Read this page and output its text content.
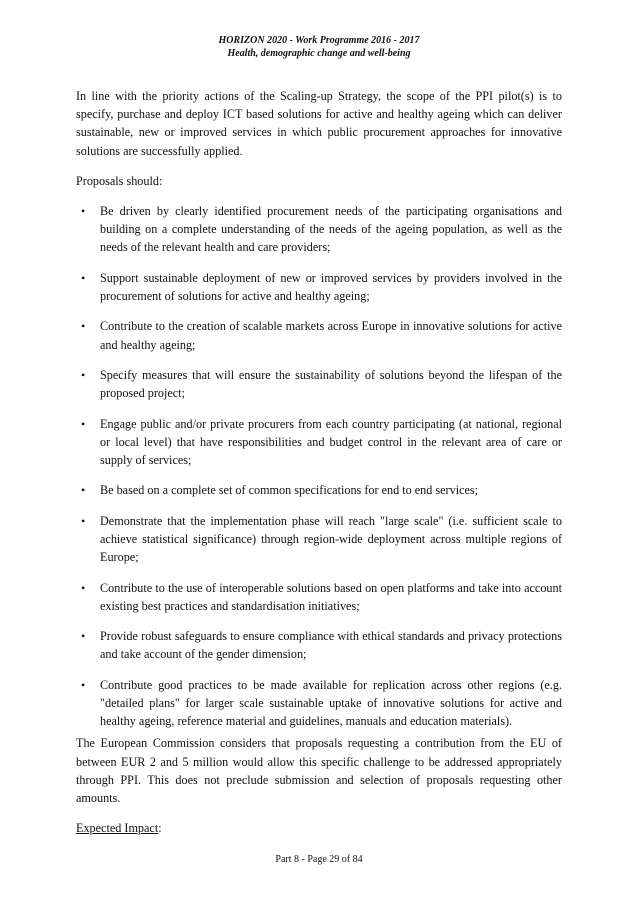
HORIZON 2020 - Work Programme 2016 - 2017
Health, demographic change and well-being

In line with the priority actions of the Scaling-up Strategy, the scope of the PPI pilot(s) is to specify, purchase and deploy ICT based solutions for active and healthy ageing which can deliver sustainable, new or improved services in which public procurement approaches for innovative solutions are successfully applied.

Proposals should:

• Be driven by clearly identified procurement needs of the participating organisations and building on a complete understanding of the needs of the ageing population, as well as the needs of the relevant health and care providers;
• Support sustainable deployment of new or improved services by providers involved in the procurement of solutions for active and healthy ageing;
• Contribute to the creation of scalable markets across Europe in innovative solutions for active and healthy ageing;
• Specify measures that will ensure the sustainability of solutions beyond the lifespan of the proposed project;
• Engage public and/or private procurers from each country participating (at national, regional or local level) that have responsibilities and budget control in the relevant area of care or supply of services;
• Be based on a complete set of common specifications for end to end services;
• Demonstrate that the implementation phase will reach "large scale" (i.e. sufficient scale to achieve statistical significance) through region-wide deployment across multiple regions of Europe;
• Contribute to the use of interoperable solutions based on open platforms and take into account existing best practices and standardisation initiatives;
• Provide robust safeguards to ensure compliance with ethical standards and privacy protections and take account of the gender dimension;
• Contribute good practices to be made available for replication across other regions (e.g. "detailed plans" for larger scale sustainable uptake of innovative solutions for active and healthy ageing, reference material and guidelines, manuals and education materials).

The European Commission considers that proposals requesting a contribution from the EU of between EUR 2 and 5 million would allow this specific challenge to be addressed appropriately through PPI. This does not preclude submission and selection of proposals requesting other amounts.

Expected Impact:

Part 8 - Page 29 of 84
